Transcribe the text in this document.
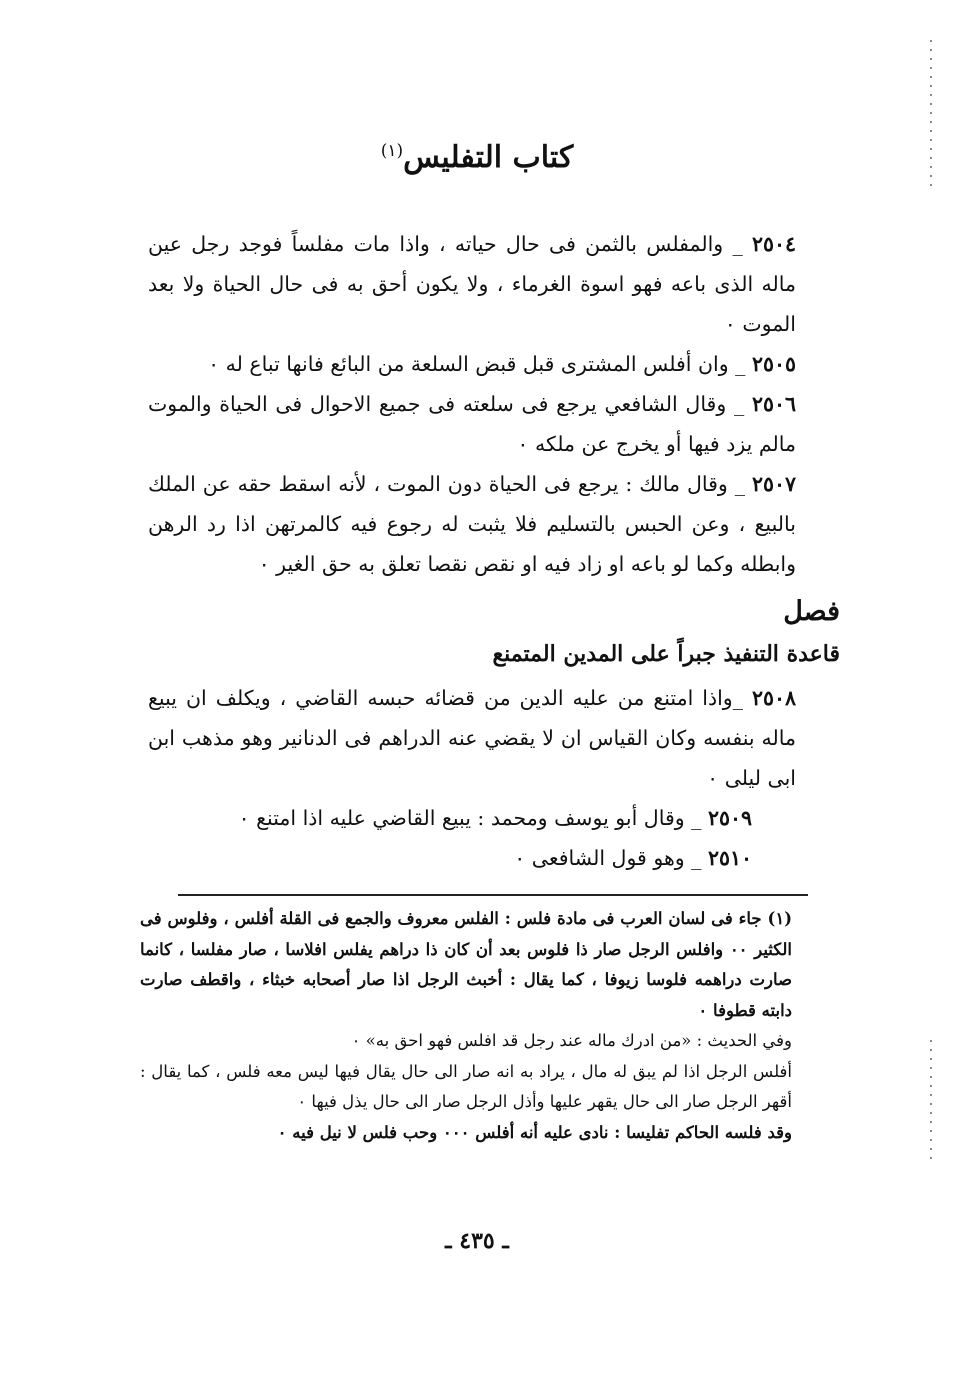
كتاب التفليس$^{(١)}$

٢٥٠٤ _ والمفلس بالثمن فى حال حياته ، واذا مات مفلساً فوجد رجل عين ماله الذى باعه فهو اسوة الغرماء ، ولا يكون أحق به فى حال الحياة ولا بعد الموت ٠

٢٥٠٥ _ وان أفلس المشترى قبل قبض السلعة من البائع فانها تباع له ٠

٢٥٠٦ _ وقال الشافعي يرجع فى سلعته فى جميع الاحوال فى الحياة والموت مالم يزد فيها أو يخرج عن ملكه ٠

٢٥٠٧ _ وقال مالك : يرجع فى الحياة دون الموت ، لأنه اسقط حقه عن الملك بالبيع ، وعن الحبس بالتسليم فلا يثبت له رجوع فيه كالمرتهن اذا رد الرهن وابطله وكما لو باعه او زاد فيه او نقص نقصا تعلق به حق الغير ٠

فصل
قاعدة التنفيذ جبراً على المدين المتمنع

٢٥٠٨ _واذا امتنع من عليه الدين من قضائه حبسه القاضي ، ويكلف ان يبيع ماله بنفسه وكان القياس ان لا يقضي عنه الدراهم فى الدنانير وهو مذهب ابن ابى ليلى ٠

٢٥٠٩ _ وقال أبو يوسف ومحمد : يبيع القاضي عليه اذا امتنع ٠

٢٥١٠ _ وهو قول الشافعى ٠

(١) جاء فى لسان العرب فى مادة فلس : الفلس معروف والجمع فى القلة أفلس ، وفلوس فى الكثير ٠٠ وافلس الرجل صار ذا فلوس بعد أن كان ذا دراهم يفلس افلاسا ، صار مفلسا ، كانما صارت دراهمه فلوسا زيوفا ، كما يقال : أخبث الرجل اذا صار أصحابه خبثاء ، واقطف صارت دابته قطوفا ٠

وفي الحديث : «من ادرك ماله عند رجل قد افلس فهو احق به» ٠

أفلس الرجل اذا لم يبق له مال ، يراد به انه صار الى حال يقال فيها ليس معه فلس ، كما يقال : أقهر الرجل صار الى حال يقهر عليها وأذل الرجل صار الى حال يذل فيها ٠

وقد فلسه الحاكم تفليسا : نادى عليه أنه أفلس ٠٠٠ وحب فلس لا نيل فيه ٠

ـ ٤٣٥ ـ
